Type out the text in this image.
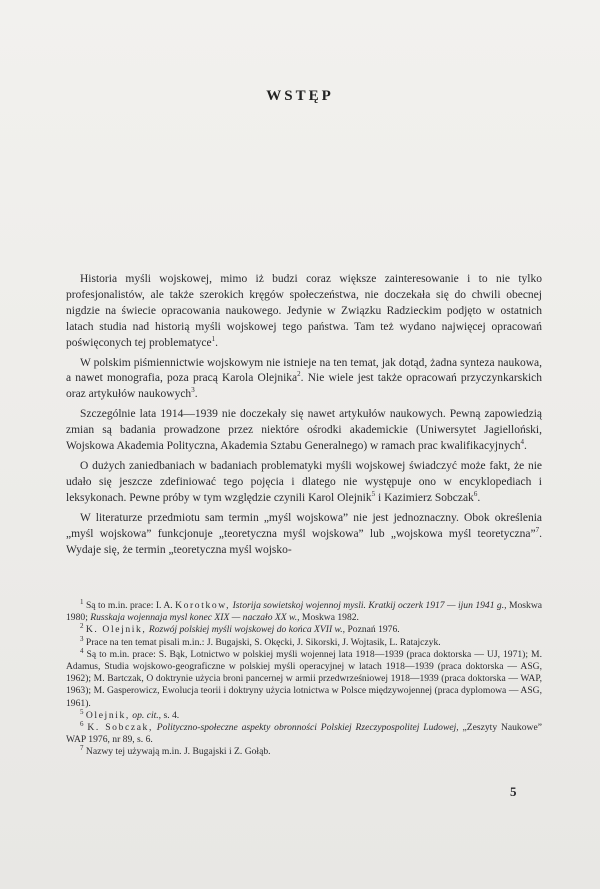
WSTĘP

Historia myśli wojskowej, mimo iż budzi coraz większe zainteresowanie i to nie tylko profesjonalistów, ale także szerokich kręgów społeczeństwa, nie doczekała się do chwili obecnej nigdzie na świecie opracowania naukowego. Jedynie w Związku Radzieckim podjęto w ostatnich latach studia nad historią myśli wojskowej tego państwa. Tam też wydano najwięcej opracowań poświęconych tej problematyce$^1$.

W polskim piśmiennictwie wojskowym nie istnieje na ten temat, jak dotąd, żadna synteza naukowa, a nawet monografia, poza pracą Karola Olejnika$^2$. Nie wiele jest także opracowań przyczynkarskich oraz artykułów naukowych$^3$.

Szczególnie lata 1914—1939 nie doczekały się nawet artykułów naukowych. Pewną zapowiedzią zmian są badania prowadzone przez niektóre ośrodki akademickie (Uniwersytet Jagielloński, Wojskowa Akademia Polityczna, Akademia Sztabu Generalnego) w ramach prac kwalifikacyjnych$^4$.

O dużych zaniedbaniach w badaniach problematyki myśli wojskowej świadczyć może fakt, że nie udało się jeszcze zdefiniować tego pojęcia i dlatego nie występuje ono w encyklopediach i leksykonach. Pewne próby w tym względzie czynili Karol Olejnik$^5$ i Kazimierz Sobczak$^6$.

W literaturze przedmiotu sam termin „myśl wojskowa” nie jest jednoznaczny. Obok określenia „myśl wojskowa” funkcjonuje „teoretyczna myśl wojskowa” lub „wojskowa myśl teoretyczna”$^7$. Wydaje się, że termin „teoretyczna myśl wojsko-

$^1$ Są to m.in. prace: I. A. Korotkow, Istorija sowietskoj wojennoj mysli. Kratkij oczerk 1917 — ijun 1941 g., Moskwa 1980; Russkaja wojennaja mysl konec XIX — naczało XX w., Moskwa 1982.

$^2$ K. Olejnik, Rozwój polskiej myśli wojskowej do końca XVII w., Poznań 1976.

$^3$ Prace na ten temat pisali m.in.: J. Bugajski, S. Okęcki, J. Sikorski, J. Wojtasik, L. Ratajczyk.

$^4$ Są to m.in. prace: S. Bąk, Lotnictwo w polskiej myśli wojennej lata 1918—1939 (praca doktorska — UJ, 1971); M. Adamus, Studia wojskowo-geograficzne w polskiej myśli operacyjnej w latach 1918—1939 (praca doktorska — ASG, 1962); M. Bartczak, O doktrynie użycia broni pancernej w armii przedwrześniowej 1918—1939 (praca doktorska — WAP, 1963); M. Gasperowicz, Ewolucja teorii i doktryny użycia lotnictwa w Polsce międzywojennej (praca dyplomowa — ASG, 1961).

$^5$ Olejnik, op. cit., s. 4.

$^6$ K. Sobczak, Polityczno-społeczne aspekty obronności Polskiej Rzeczypospolitej Ludowej, „Zeszyty Naukowe” WAP 1976, nr 89, s. 6.

$^7$ Nazwy tej używają m.in. J. Bugajski i Z. Gołąb.

5
